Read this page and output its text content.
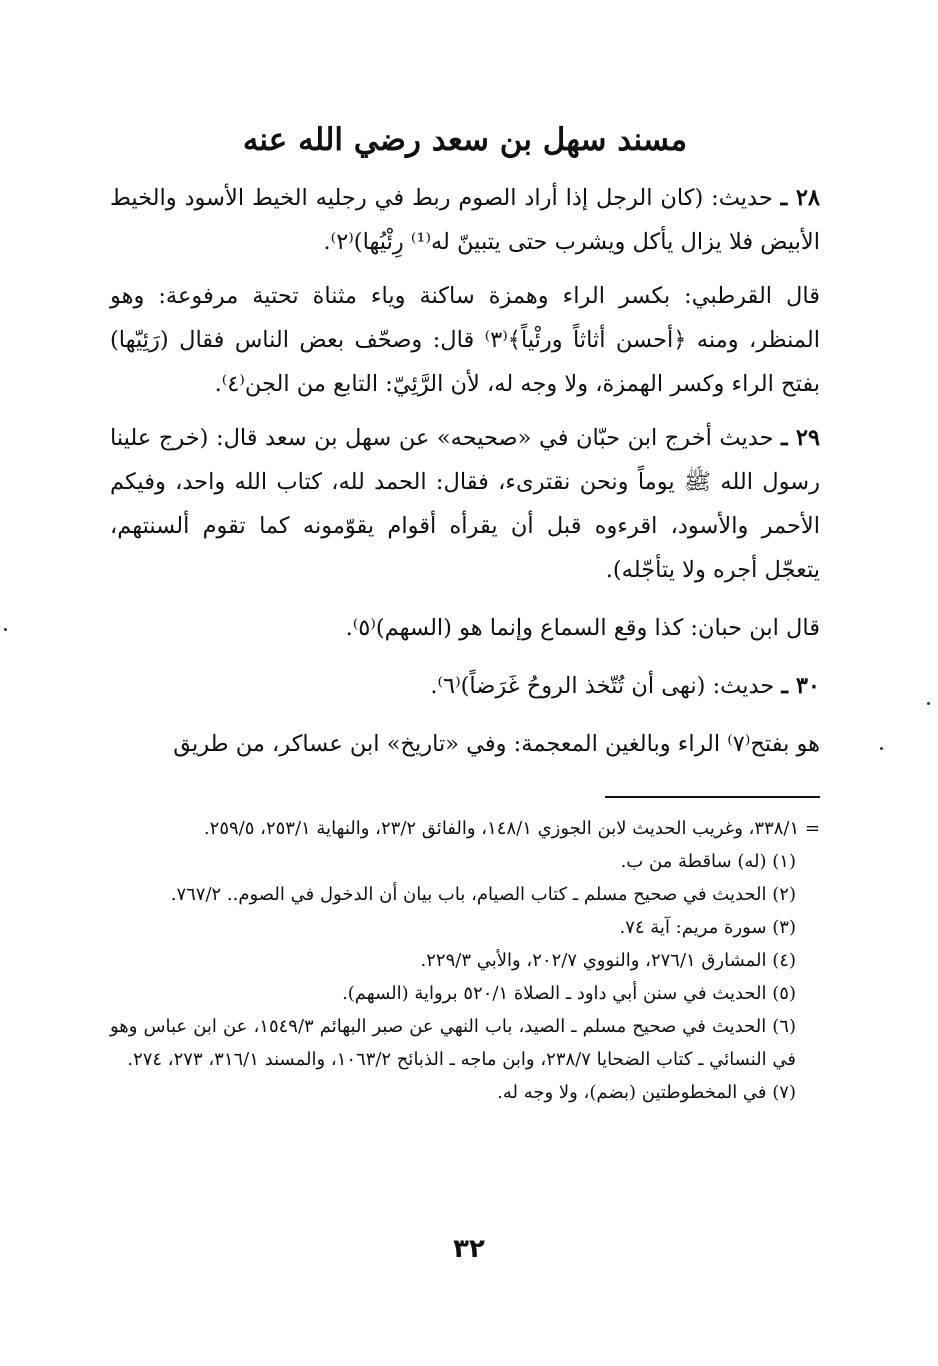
مسند سهل بن سعد رضي الله عنه

٢٨ ـ حديث: (كان الرجل إذا أراد الصوم ربط في رجليه الخيط الأسود والخيط الأبيض فلا يزال يأكل ويشرب حتى يتبينّ له⁽¹⁾ رِئْيُها)⁽٢⁾.

قال القرطبي: بكسر الراء وهمزة ساكنة وياء مثناة تحتية مرفوعة: وهو المنظر، ومنه ﴿أحسن أثاثاً ورئْياً﴾⁽٣⁾ قال: وصحّف بعض الناس فقال (رَئِيّها) بفتح الراء وكسر الهمزة، ولا وجه له، لأن الرَّئِيّ: التابع من الجن⁽٤⁾.

٢٩ ـ حديث أخرج ابن حبّان في «صحيحه» عن سهل بن سعد قال: (خرج علينا رسول الله ﷺ يوماً ونحن نقترىء، فقال: الحمد لله، كتاب الله واحد، وفيكم الأحمر والأسود، اقرءوه قبل أن يقرأه أقوام يقوّمونه كما تقوم ألسنتهم، يتعجّل أجره ولا يتأجّله).

قال ابن حبان: كذا وقع السماع وإنما هو (السهم)⁽٥⁾.

٣٠ ـ حديث: (نهى أن تُتّخذ الروحُ غَرَضاً)⁽٦⁾.

هو بفتح⁽٧⁾ الراء وبالغين المعجمة: وفي «تاريخ» ابن عساكر، من طريق

= ٣٣٨/١، وغريب الحديث لابن الجوزي ١٤٨/١، والفائق ٢٣/٢، والنهاية ٢٥٣/١، ٢٥٩/٥.

(١) (له) ساقطة من ب.

(٢) الحديث في صحيح مسلم ـ كتاب الصيام، باب بيان أن الدخول في الصوم.. ٧٦٧/٢.

(٣) سورة مريم: آية ٧٤.

(٤) المشارق ٢٧٦/١، والنووي ٢٠٢/٧، والأبي ٢٢٩/٣.

(٥) الحديث في سنن أبي داود ـ الصلاة ٥٢٠/١ برواية (السهم).

(٦) الحديث في صحيح مسلم ـ الصيد، باب النهي عن صبر البهائم ١٥٤٩/٣، عن ابن عباس وهو في النسائي ـ كتاب الضحايا ٢٣٨/٧، وابن ماجه ـ الذبائح ١٠٦٣/٢، والمسند ٣١٦/١، ٢٧٣، ٢٧٤.

(٧) في المخطوطتين (بضم)، ولا وجه له.

٣٢
